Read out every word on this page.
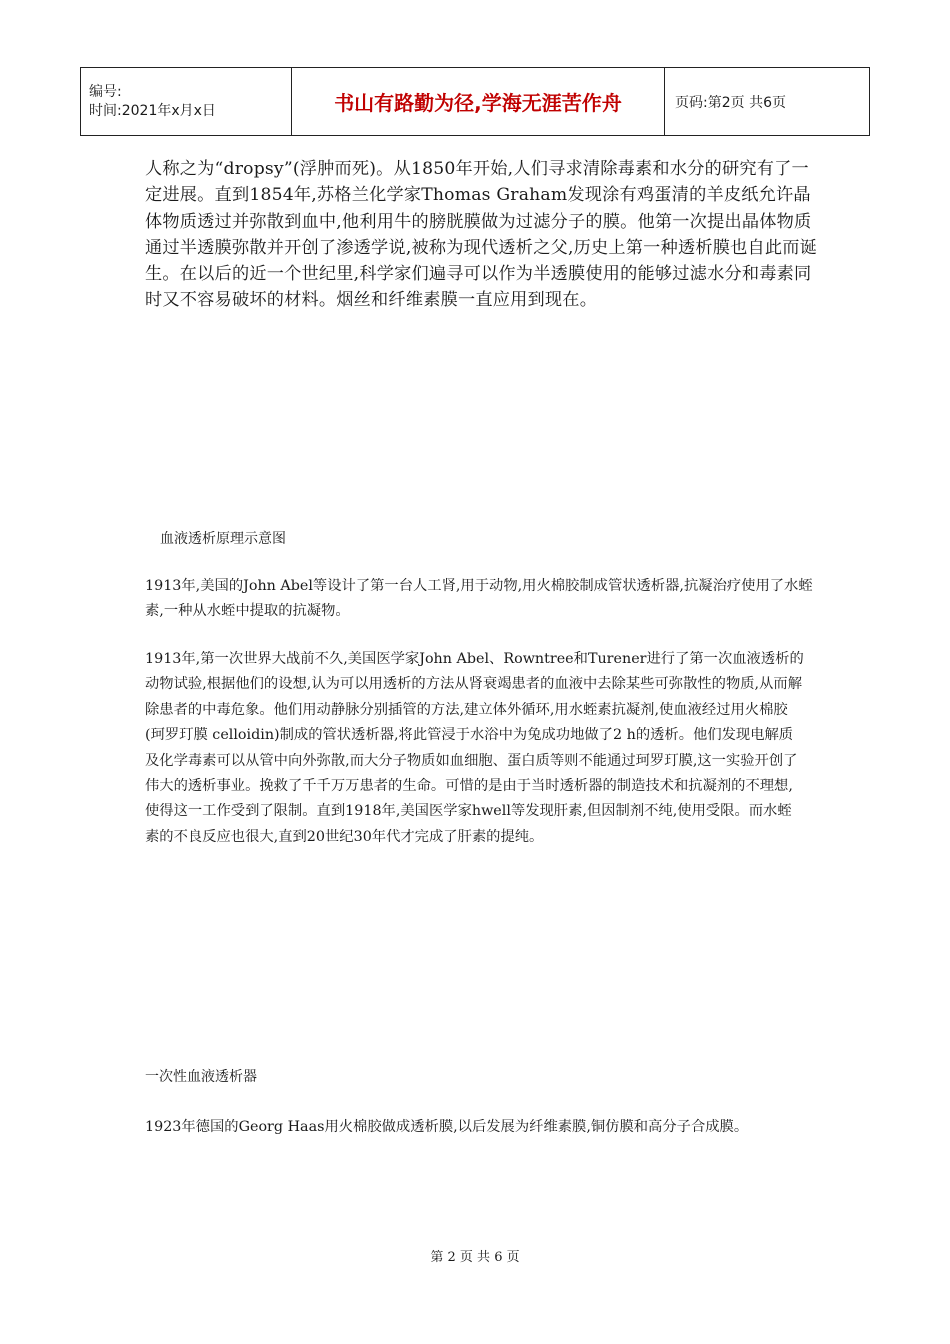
编号:
时间:2021年x月x日	书山有路勤为径,学海无涯苦作舟	页码:第2页 共6页

人称之为“dropsy”(浮肿而死)。从1850年开始,人们寻求清除毒素和水分的研究有了一定进展。直到1854年,苏格兰化学家Thomas Graham发现涂有鸡蛋清的羊皮纸允许晶体物质透过并弥散到血中,他利用牛的膀胱膜做为过滤分子的膜。他第一次提出晶体物质通过半透膜弥散并开创了渗透学说,被称为现代透析之父,历史上第一种透析膜也自此而诞生。在以后的近一个世纪里,科学家们遍寻可以作为半透膜使用的能够过滤水分和毒素同时又不容易破坏的材料。烟丝和纤维素膜一直应用到现在。

血液透析原理示意图

1913年,美国的John Abel等设计了第一台人工肾,用于动物,用火棉胶制成管状透析器,抗凝治疗使用了水蛭素,一种从水蛭中提取的抗凝物。

1913年,第一次世界大战前不久,美国医学家John Abel、Rowntree和Turener进行了第一次血液透析的动物试验,根据他们的设想,认为可以用透析的方法从肾衰竭患者的血液中去除某些可弥散性的物质,从而解除患者的中毒危象。他们用动静脉分别插管的方法,建立体外循环,用水蛭素抗凝剂,使血液经过用火棉胶(珂罗玎膜 celloidin)制成的管状透析器,将此管浸于水浴中为兔成功地做了2 h的透析。他们发现电解质及化学毒素可以从管中向外弥散,而大分子物质如血细胞、蛋白质等则不能通过珂罗玎膜,这一实验开创了伟大的透析事业。挽救了千千万万患者的生命。可惜的是由于当时透析器的制造技术和抗凝剂的不理想,使得这一工作受到了限制。直到1918年,美国医学家hwell等发现肝素,但因制剂不纯,使用受限。而水蛭素的不良反应也很大,直到20世纪30年代才完成了肝素的提纯。

一次性血液透析器

1923年德国的Georg Haas用火棉胶做成透析膜,以后发展为纤维素膜,铜仿膜和高分子合成膜。

第 2 页 共 6 页
